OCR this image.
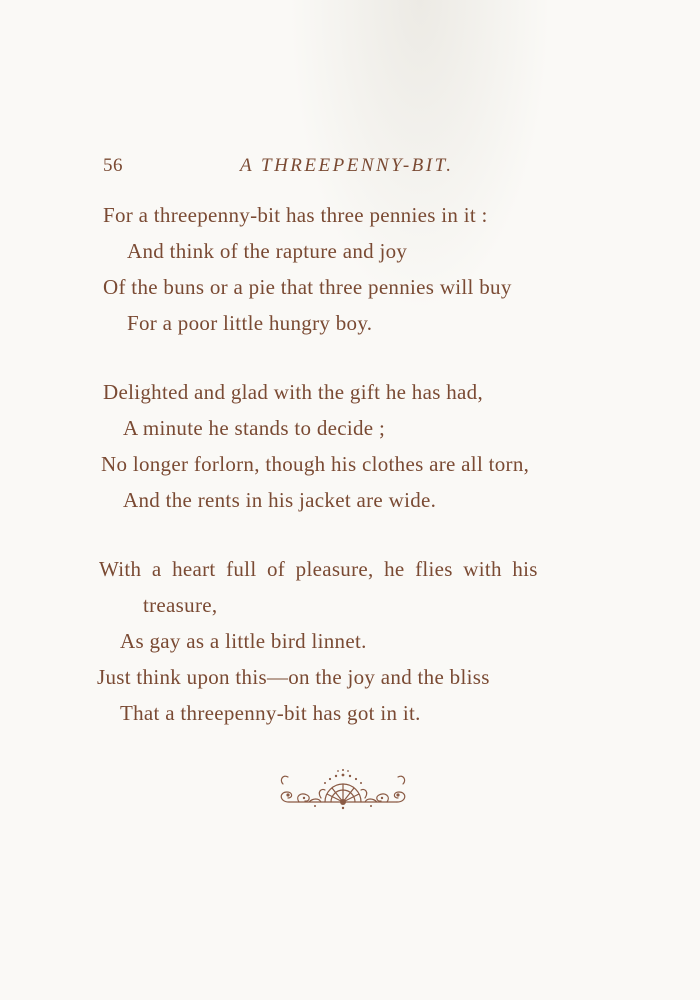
56	A THREEPENNY-BIT.
For a threepenny-bit has three pennies in it :
And think of the rapture and joy
Of the buns or a pie that three pennies will buy
For a poor little hungry boy.
Delighted and glad with the gift he has had,
A minute he stands to decide ;
No longer forlorn, though his clothes are all torn,
And the rents in his jacket are wide.
With a heart full of pleasure, he flies with his
treasure,
As gay as a little bird linnet.
Just think upon this—on the joy and the bliss
That a threepenny-bit has got in it.
